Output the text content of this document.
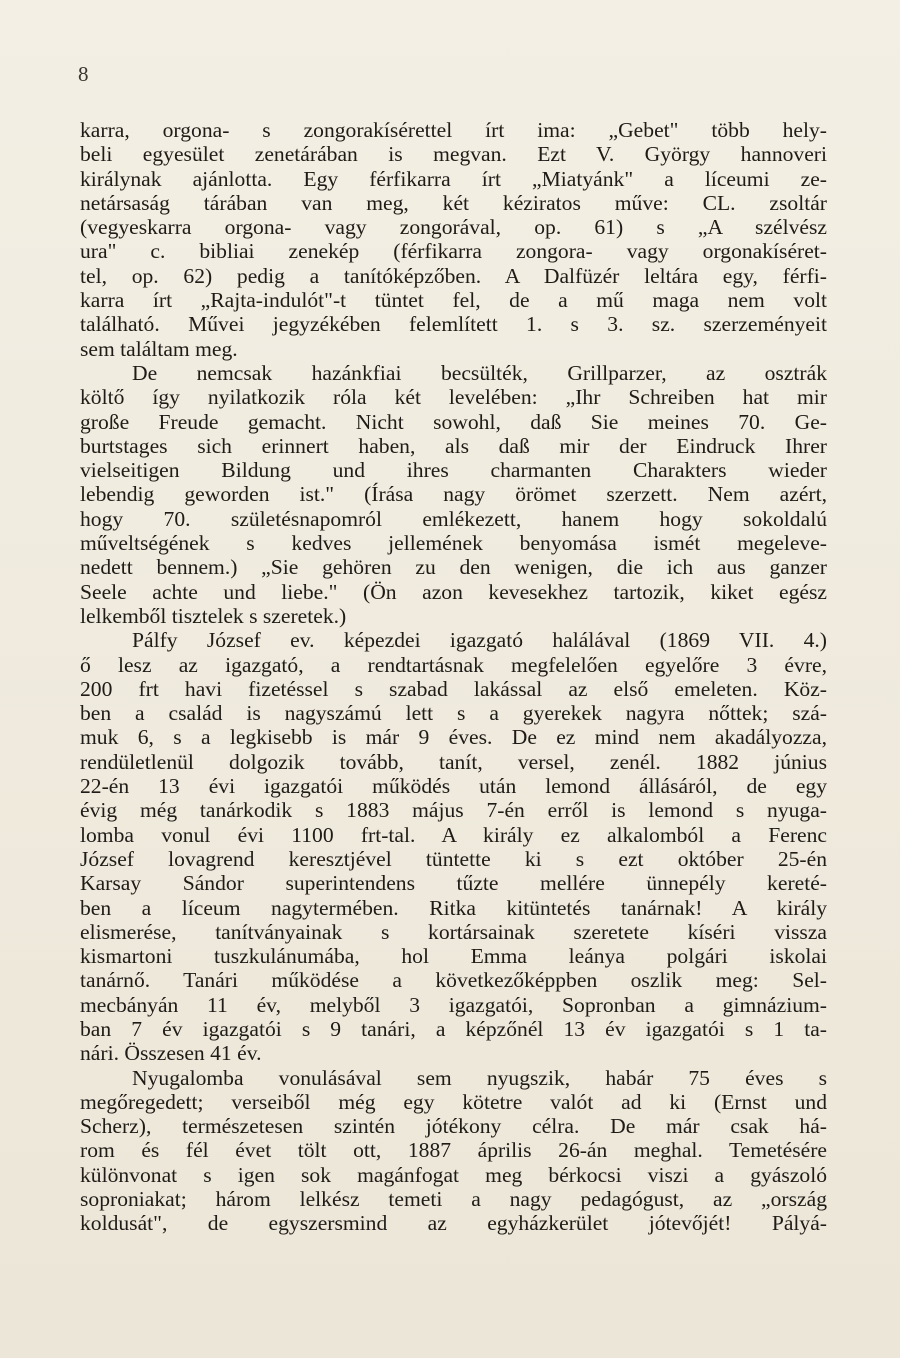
8
karra, orgona- s zongorakísérettel írt ima: „Gebet" több hely-
beli egyesület zenetárában is megvan. Ezt V. György hannoveri
királynak ajánlotta. Egy férfikarra írt „Miatyánk" a líceumi ze-
netársaság tárában van meg, két kéziratos műve: CL. zsoltár
(vegyeskarra orgona- vagy zongorával, op. 61) s „A szélvész
ura" c. bibliai zenekép (férfikarra zongora- vagy orgonakíséret-
tel, op. 62) pedig a tanítóképzőben. A Dalfüzér leltára egy, férfi-
karra írt „Rajta-indulót"-t tüntet fel, de a mű maga nem volt
található. Művei jegyzékében felemlített 1. s 3. sz. szerzeményeit
sem találtam meg.
De nemcsak hazánkfiai becsülték, Grillparzer, az osztrák
költő így nyilatkozik róla két levelében: „Ihr Schreiben hat mir
große Freude gemacht. Nicht sowohl, daß Sie meines 70. Ge-
burtstages sich erinnert haben, als daß mir der Eindruck Ihrer
vielseitigen Bildung und ihres charmanten Charakters wieder
lebendig geworden ist." (Írása nagy örömet szerzett. Nem azért,
hogy 70. születésnapomról emlékezett, hanem hogy sokoldalú
műveltségének s kedves jellemének benyomása ismét megeleve-
nedett bennem.) „Sie gehören zu den wenigen, die ich aus ganzer
Seele achte und liebe." (Ön azon kevesekhez tartozik, kiket egész
lelkemből tisztelek s szeretek.)
Pálfy József ev. képezdei igazgató halálával (1869 VII. 4.)
ő lesz az igazgató, a rendtartásnak megfelelően egyelőre 3 évre,
200 frt havi fizetéssel s szabad lakással az első emeleten. Köz-
ben a család is nagyszámú lett s a gyerekek nagyra nőttek; szá-
muk 6, s a legkisebb is már 9 éves. De ez mind nem akadályozza,
rendületlenül dolgozik tovább, tanít, versel, zenél. 1882 június
22-én 13 évi igazgatói működés után lemond állásáról, de egy
évig még tanárkodik s 1883 május 7-én erről is lemond s nyuga-
lomba vonul évi 1100 frt-tal. A király ez alkalomból a Ferenc
József lovagrend keresztjével tüntette ki s ezt október 25-én
Karsay Sándor superintendens tűzte mellére ünnepély kereté-
ben a líceum nagytermében. Ritka kitüntetés tanárnak! A király
elismerése, tanítványainak s kortársainak szeretete kíséri vissza
kismartoni tuszkulánumába, hol Emma leánya polgári iskolai
tanárnő. Tanári működése a következőképpben oszlik meg: Sel-
mecbányán 11 év, melyből 3 igazgatói, Sopronban a gimnázium-
ban 7 év igazgatói s 9 tanári, a képzőnél 13 év igazgatói s 1 ta-
nári. Összesen 41 év.
Nyugalomba vonulásával sem nyugszik, habár 75 éves s
megőregedett; verseiből még egy kötetre valót ad ki (Ernst und
Scherz), természetesen szintén jótékony célra. De már csak há-
rom és fél évet tölt ott, 1887 április 26-án meghal. Temetésére
különvonat s igen sok magánfogat meg bérkocsi viszi a gyászoló
soproniakat; három lelkész temeti a nagy pedagógust, az „ország
koldusát", de egyszersmind az egyházkerület jótevőjét! Pályá-
